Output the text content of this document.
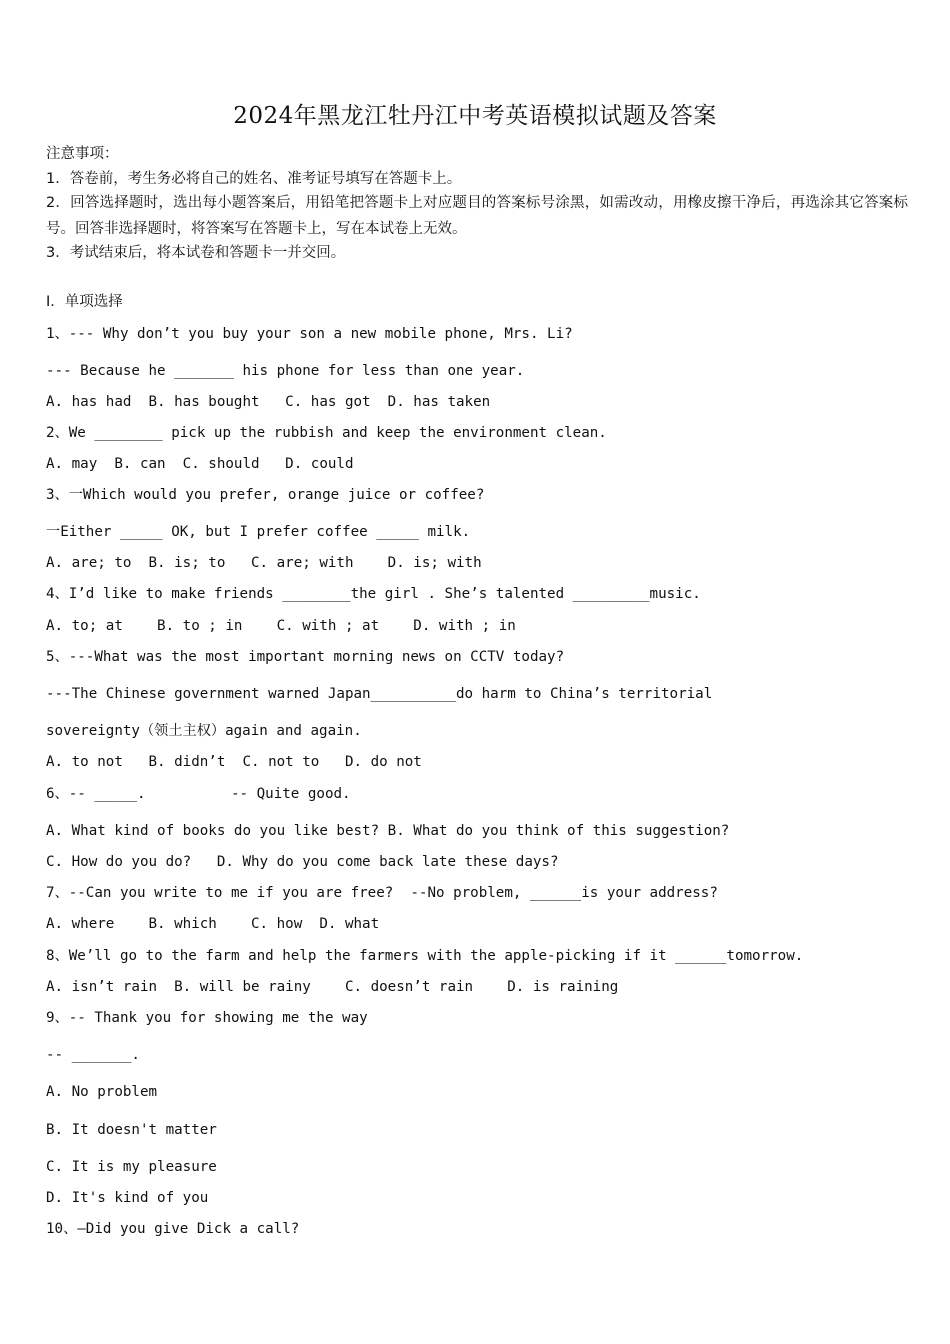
2024年黑龙江牡丹江中考英语模拟试题及答案
注意事项：
1．答卷前，考生务必将自己的姓名、准考证号填写在答题卡上。
2．回答选择题时，选出每小题答案后，用铅笔把答题卡上对应题目的答案标号涂黑，如需改动，用橡皮擦干净后，再选涂其它答案标号。回答非选择题时，将答案写在答题卡上，写在本试卷上无效。
3．考试结束后，将本试卷和答题卡一并交回。
Ⅰ．单项选择
1、--- Why don’t you buy your son a new mobile phone, Mrs. Li?
--- Because he _______ his phone for less than one year.
A. has had  B. has bought   C. has got  D. has taken
2、We ________ pick up the rubbish and keep the environment clean.
A. may  B. can  C. should   D. could
3、一Which would you prefer, orange juice or coffee?
一Either _____ OK, but I prefer coffee _____ milk.
A. are; to  B. is; to   C. are; with    D. is; with
4、I’d like to make friends ________the girl . She’s talented _________music.
A. to; at    B. to ; in    C. with ; at    D. with ; in
5、---What was the most important morning news on CCTV today?
---The Chinese government warned Japan__________do harm to China’s territorial
sovereignty（领土主权）again and again.
A. to not   B. didn’t  C. not to   D. do not
6、-- _____.          -- Quite good.
A. What kind of books do you like best? B. What do you think of this suggestion?
C. How do you do?   D. Why do you come back late these days?
7、--Can you write to me if you are free?  --No problem, ______is your address?
A. where    B. which    C. how  D. what
8、We’ll go to the farm and help the farmers with the apple-picking if it ______tomorrow.
A. isn’t rain  B. will be rainy    C. doesn’t rain    D. is raining
9、-- Thank you for showing me the way
-- _______.
A. No problem
B. It doesn't matter
C. It is my pleasure
D. It's kind of you
10、—Did you give Dick a call?
